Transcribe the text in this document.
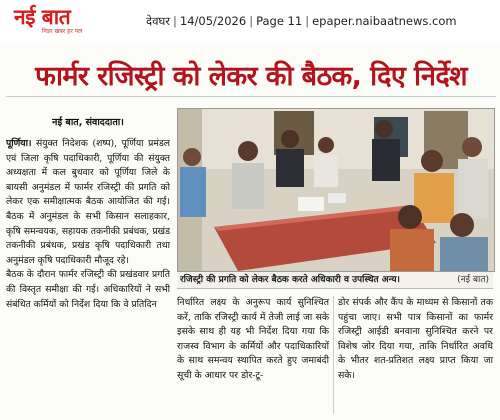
नई बात
निडर खबर हर पल
देवघर | 14/05/2026 | Page 11 | epaper.naibaatnews.com
फार्मर रजिस्ट्री को लेकर की बैठक, दिए निर्देश
नई बात, संवाददाता।
पूर्णिया। संयुक्त निदेशक (शष्प), पूर्णिया प्रमंडल एवं जिला कृषि पदाधिकारी, पूर्णिया की संयुक्त अध्यक्षता में कल बुधवार को पूर्णिया जिले के बायसी अनुमंडल में फार्मर रजिस्ट्री की प्रगति को लेकर एक समीक्षात्मक बैठक आयोजित की गई। बैठक में अनुमंडल के सभी किसान सलाहकार, कृषि समन्वयक, सहायक तकनीकी प्रबंधक, प्रखंड तकनीकी प्रबंधक, प्रखंड कृषि पदाधिकारी तथा अनुमंडल कृषि पदाधिकारी मौजूद रहे।
बैठक के दौरान फार्मर रजिस्ट्री की प्रखंडवार प्रगति की विस्तृत समीक्षा की गई। अधिकारियों ने सभी संबंधित कर्मियों को निर्देश दिया कि वे प्रतिदिन
रजिस्ट्री की प्रगति को लेकर बैठक करते अधिकारी व उपस्थित अन्य।	(नई बात)
निर्धारित लक्ष्य के अनुरूप कार्य सुनिश्चित करें, ताकि रजिस्ट्री कार्य में तेजी लाई जा सके इसके साथ ही यह भी निर्देश दिया गया कि राजस्व विभाग के कर्मियों और पदाधिकारियों के साथ समन्वय स्थापित करते हुए जमाबंदी सूची के आधार पर डोर-टू-
डोर संपर्क और कैंप के माध्यम से किसानों तक पहुंचा जाए। सभी पात्र किसानों का फार्मर रजिस्ट्री आईडी बनवाना सुनिश्चित करने पर विशेष जोर दिया गया, ताकि निर्धारित अवधि के भीतर शत-प्रतिशत लक्ष्य प्राप्त किया जा सके।
